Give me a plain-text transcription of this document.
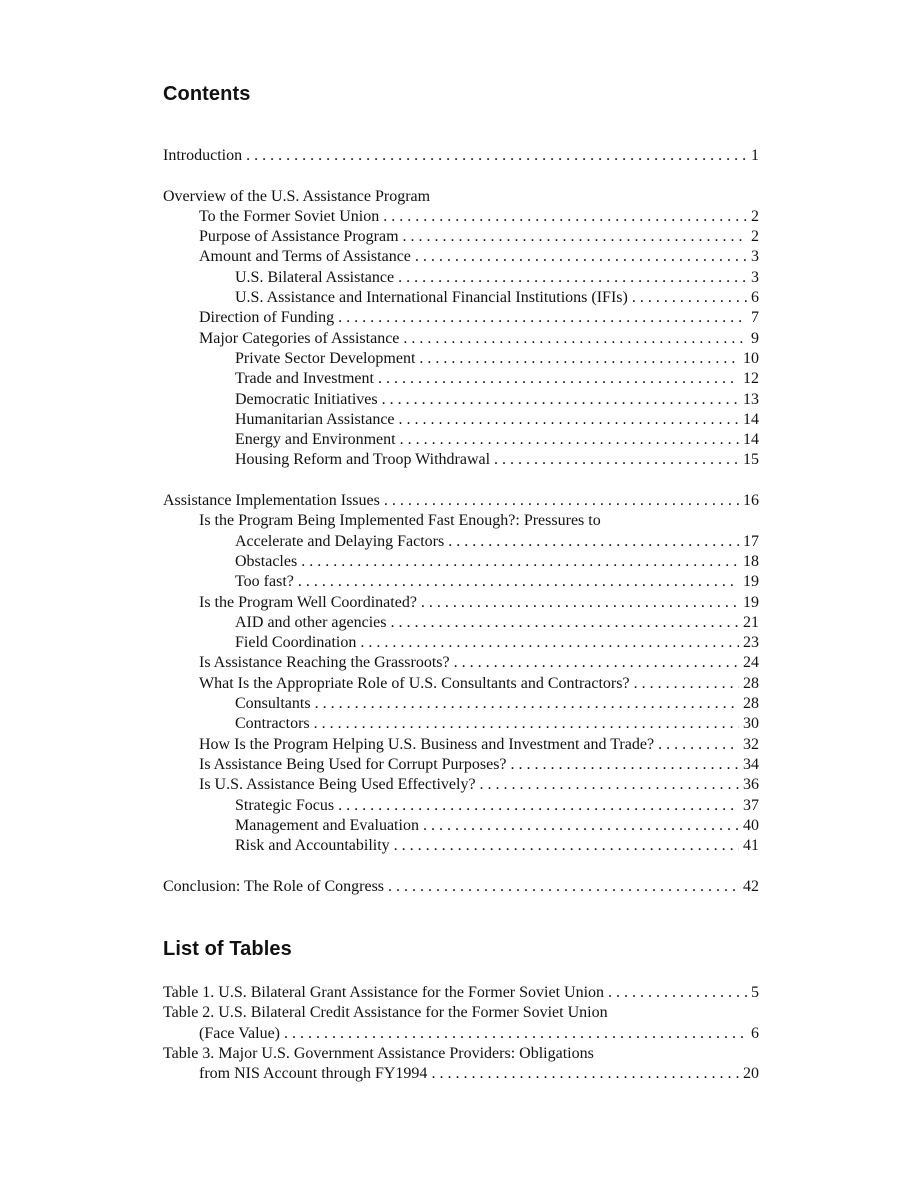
Contents
Introduction . . .	1
Overview of the U.S. Assistance Program
To the Former Soviet Union . . .	2
Purpose of Assistance Program . . .	2
Amount and Terms of Assistance . . .	3
U.S. Bilateral Assistance . . .	3
U.S. Assistance and International Financial Institutions (IFIs) . . .	6
Direction of Funding . . .	7
Major Categories of Assistance . . .	9
Private Sector Development . . .	10
Trade and Investment . . .	12
Democratic Initiatives . . .	13
Humanitarian Assistance . . .	14
Energy and Environment . . .	14
Housing Reform and Troop Withdrawal . . .	15
Assistance Implementation Issues . . .	16
Is the Program Being Implemented Fast Enough?: Pressures to
Accelerate and Delaying Factors . . .	17
Obstacles . . .	18
Too fast? . . .	19
Is the Program Well Coordinated? . . .	19
AID and other agencies . . .	21
Field Coordination . . .	23
Is Assistance Reaching the Grassroots? . . .	24
What Is the Appropriate Role of U.S. Consultants and Contractors? . . .	28
Consultants . . .	28
Contractors . . .	30
How Is the Program Helping U.S. Business and Investment and Trade? . . .	32
Is Assistance Being Used for Corrupt Purposes? . . .	34
Is U.S. Assistance Being Used Effectively? . . .	36
Strategic Focus . . .	37
Management and Evaluation . . .	40
Risk and Accountability . . .	41
Conclusion: The Role of Congress . . .	42
List of Tables
Table 1. U.S. Bilateral Grant Assistance for the Former Soviet Union . . .	5
Table 2. U.S. Bilateral Credit Assistance for the Former Soviet Union
(Face Value) . . .	6
Table 3. Major U.S. Government Assistance Providers: Obligations
from NIS Account through FY1994 . . .	20
